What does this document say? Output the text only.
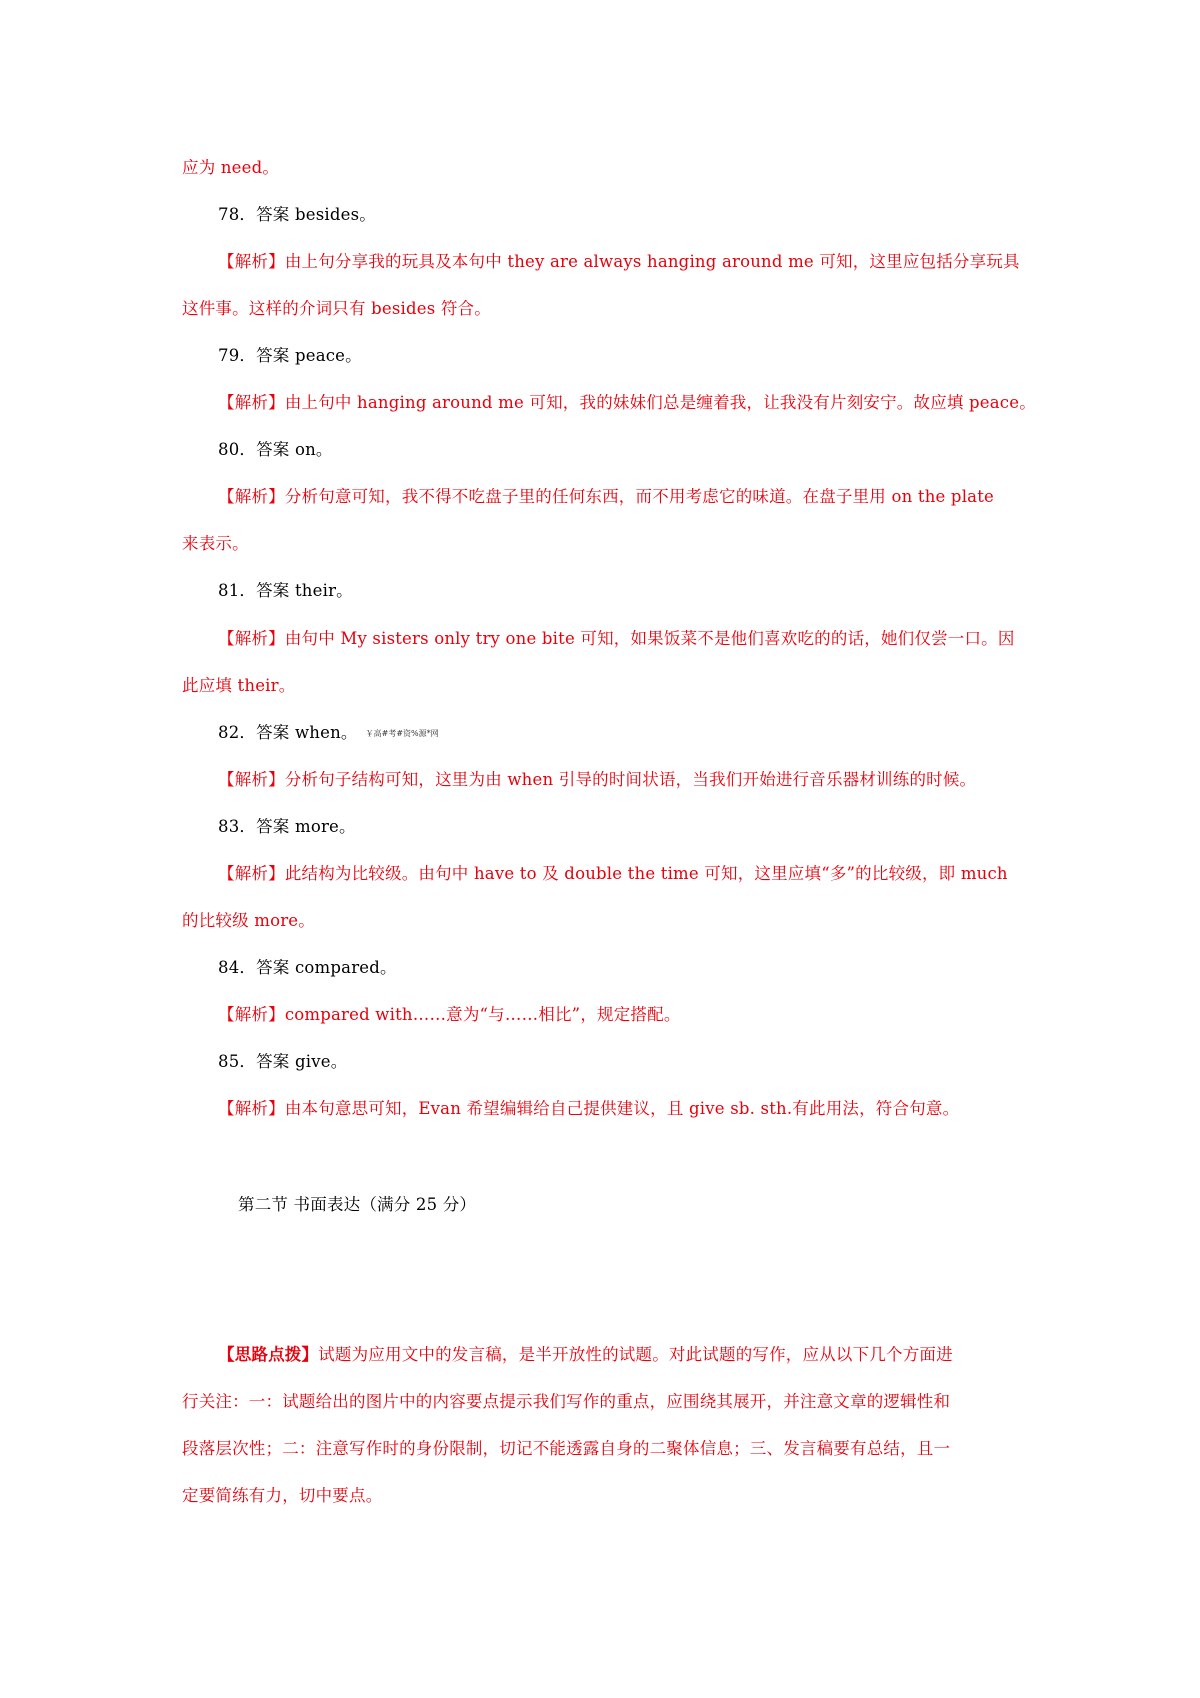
应为 need。
78．答案 besides。
【解析】由上句分享我的玩具及本句中 they are always hanging around me 可知，这里应包括分享玩具
这件事。这样的介词只有 besides 符合。
79．答案 peace。
【解析】由上句中 hanging around me 可知，我的妹妹们总是缠着我，让我没有片刻安宁。故应填 peace。
80．答案 on。
【解析】分析句意可知，我不得不吃盘子里的任何东西，而不用考虑它的味道。在盘子里用 on the plate
来表示。
81．答案 their。
【解析】由句中 My sisters only try one bite 可知，如果饭菜不是他们喜欢吃的的话，她们仅尝一口。因
此应填 their。
82．答案 when。 ￥高#考#资%源*网
【解析】分析句子结构可知，这里为由 when 引导的时间状语，当我们开始进行音乐器材训练的时候。
83．答案 more。
【解析】此结构为比较级。由句中 have to 及 double the time 可知，这里应填“多”的比较级，即 much
的比较级 more。
84．答案 compared。
【解析】compared with……意为“与……相比”，规定搭配。
85．答案 give。
【解析】由本句意思可知，Evan 希望编辑给自己提供建议，且 give sb. sth.有此用法，符合句意。
第二节 书面表达（满分 25 分）
【思路点拨】试题为应用文中的发言稿，是半开放性的试题。对此试题的写作，应从以下几个方面进
行关注：一：试题给出的图片中的内容要点提示我们写作的重点，应围绕其展开，并注意文章的逻辑性和
段落层次性；二：注意写作时的身份限制，切记不能透露自身的二聚体信息；三、发言稿要有总结，且一
定要简练有力，切中要点。
